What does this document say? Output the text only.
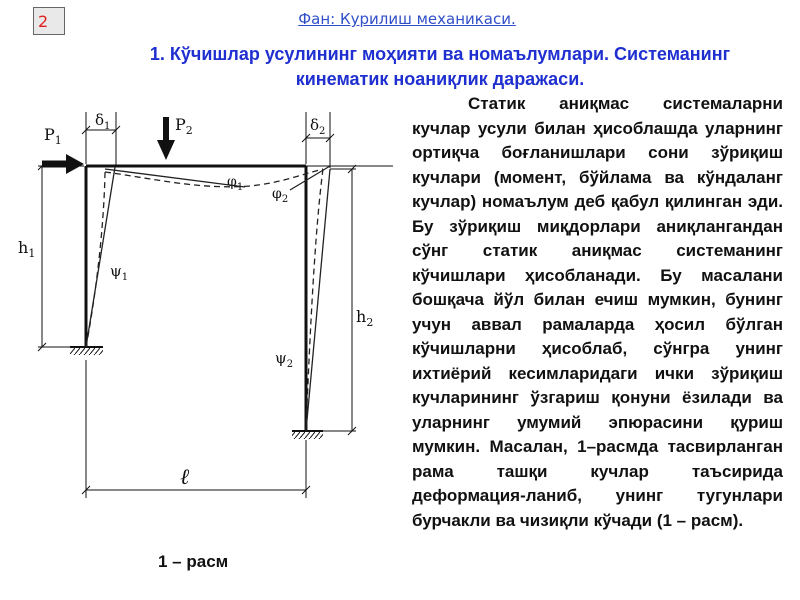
2	Фан: Курилиш механикаси.
1. Кўчишлар усулининг моҳияти ва номаълумлари. Системанинг
кинематик ноаниқлик даражаси.
$P_1$
$P_2$
$\delta_1$	$\delta_2$
$h_1$
$h_2$
ℓ
$\varphi_1$ $\varphi_2$
$\psi_1$
$\psi_2$
Статик аниқмас системаларни кучлар усули билан ҳисоблашда уларнинг ортиқча боғланишлари сони зўриқиш кучлари (момент, бўйлама ва кўндаланг кучлар) номаълум деб қабул қилинган эди. Бу зўриқиш миқдорлари аниқлангандан сўнг статик аниқмас системанинг кўчишлари ҳисобланади. Бу масалани бошқача йўл билан ечиш мумкин, бунинг учун аввал рамаларда ҳосил бўлган кўчишларни ҳисоблаб, сўнгра унинг ихтиёрий кесимларидаги ички зўриқиш кучларининг ўзгариш қонуни ёзилади ва уларнинг умумий эпюрасини қуриш мумкин. Масалан, 1–расмда тасвирланган рама ташқи кучлар таъсирида деформация-ланиб, унинг тугунлари бурчакли ва чизиқли кўчади (1 – расм).
1 – расм
